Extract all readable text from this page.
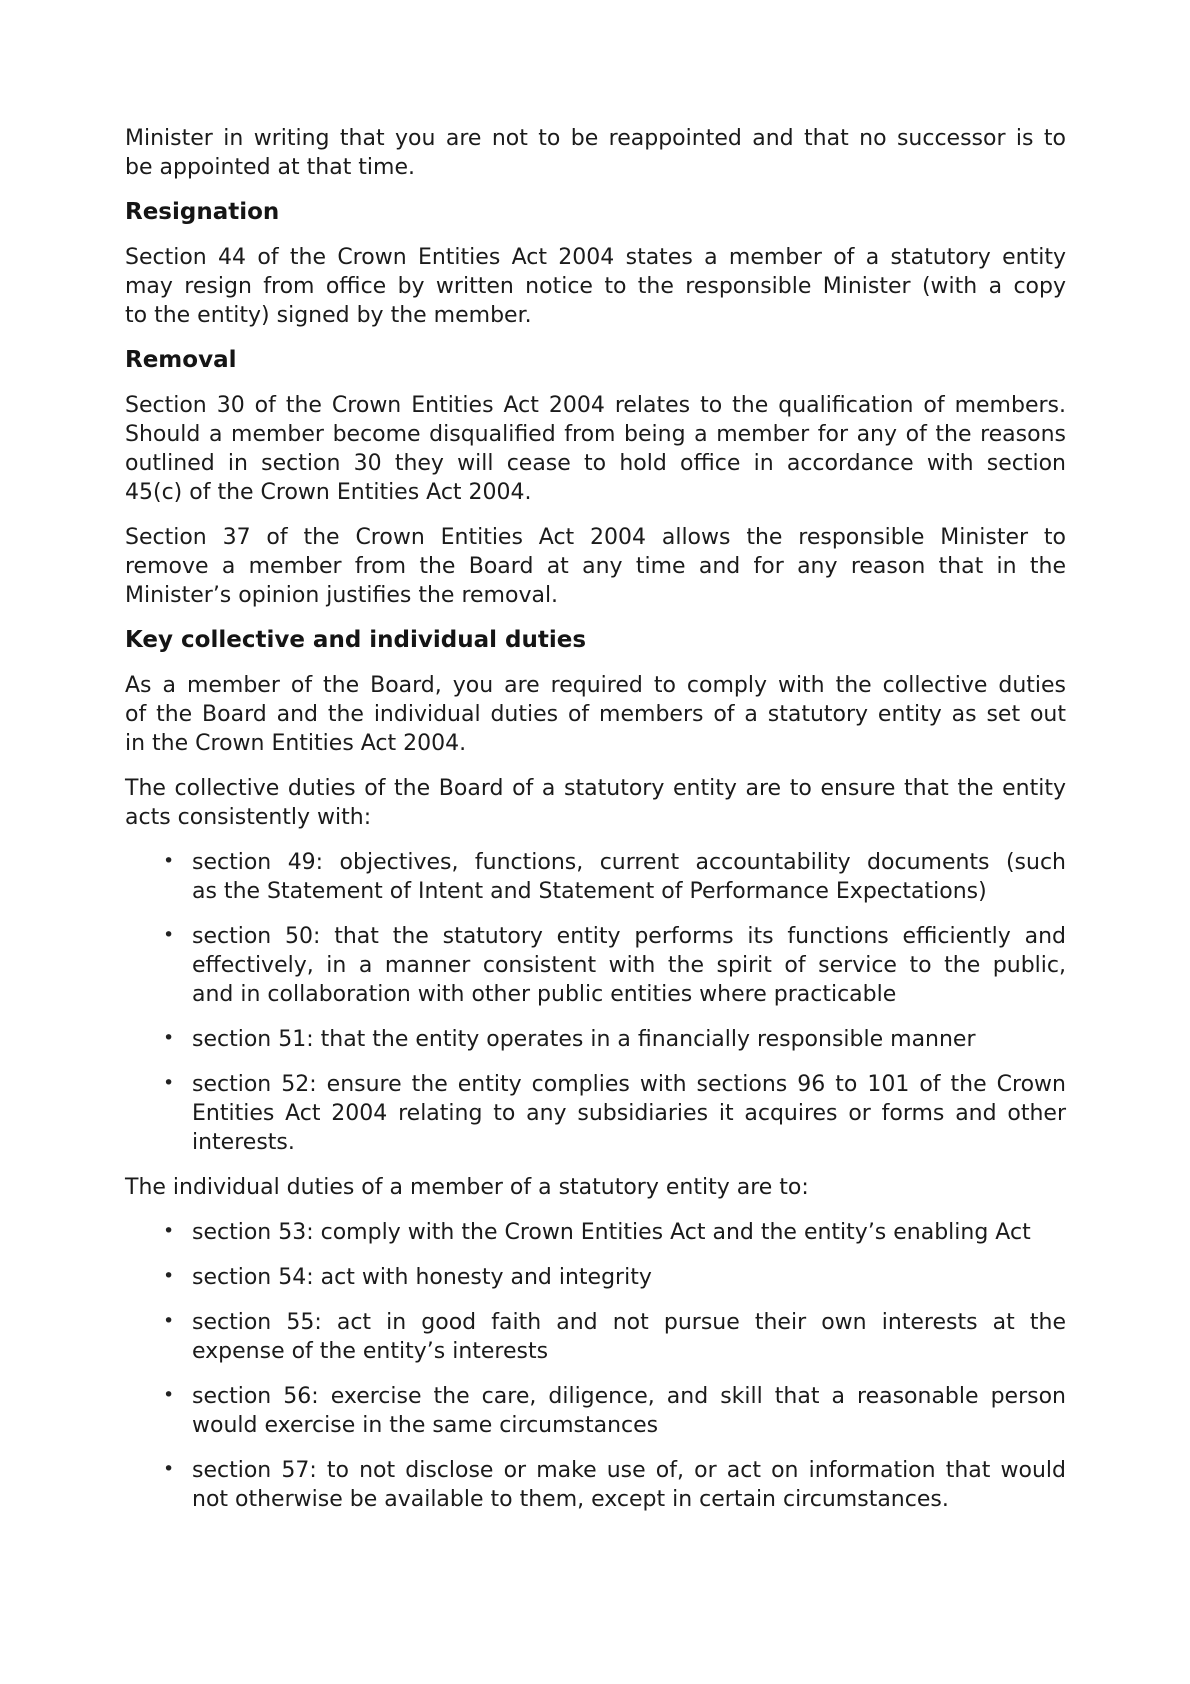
Minister in writing that you are not to be reappointed and that no successor is to
be appointed at that time.

Resignation

Section 44 of the Crown Entities Act 2004 states a member of a statutory entity
may resign from office by written notice to the responsible Minister (with a copy
to the entity) signed by the member.

Removal

Section 30 of the Crown Entities Act 2004 relates to the qualification of members.
Should a member become disqualified from being a member for any of the reasons
outlined in section 30 they will cease to hold office in accordance with section
45(c) of the Crown Entities Act 2004.

Section 37 of the Crown Entities Act 2004 allows the responsible Minister to
remove a member from the Board at any time and for any reason that in the
Minister’s opinion justifies the removal.

Key collective and individual duties

As a member of the Board, you are required to comply with the collective duties
of the Board and the individual duties of members of a statutory entity as set out
in the Crown Entities Act 2004.

The collective duties of the Board of a statutory entity are to ensure that the entity
acts consistently with:

• section 49: objectives, functions, current accountability documents (such
as the Statement of Intent and Statement of Performance Expectations)
• section 50: that the statutory entity performs its functions efficiently and
effectively, in a manner consistent with the spirit of service to the public,
and in collaboration with other public entities where practicable
• section 51: that the entity operates in a financially responsible manner
• section 52: ensure the entity complies with sections 96 to 101 of the Crown
Entities Act 2004 relating to any subsidiaries it acquires or forms and other
interests.

The individual duties of a member of a statutory entity are to:

• section 53: comply with the Crown Entities Act and the entity’s enabling Act
• section 54: act with honesty and integrity
• section 55: act in good faith and not pursue their own interests at the
expense of the entity’s interests
• section 56: exercise the care, diligence, and skill that a reasonable person
would exercise in the same circumstances
• section 57: to not disclose or make use of, or act on information that would
not otherwise be available to them, except in certain circumstances.
